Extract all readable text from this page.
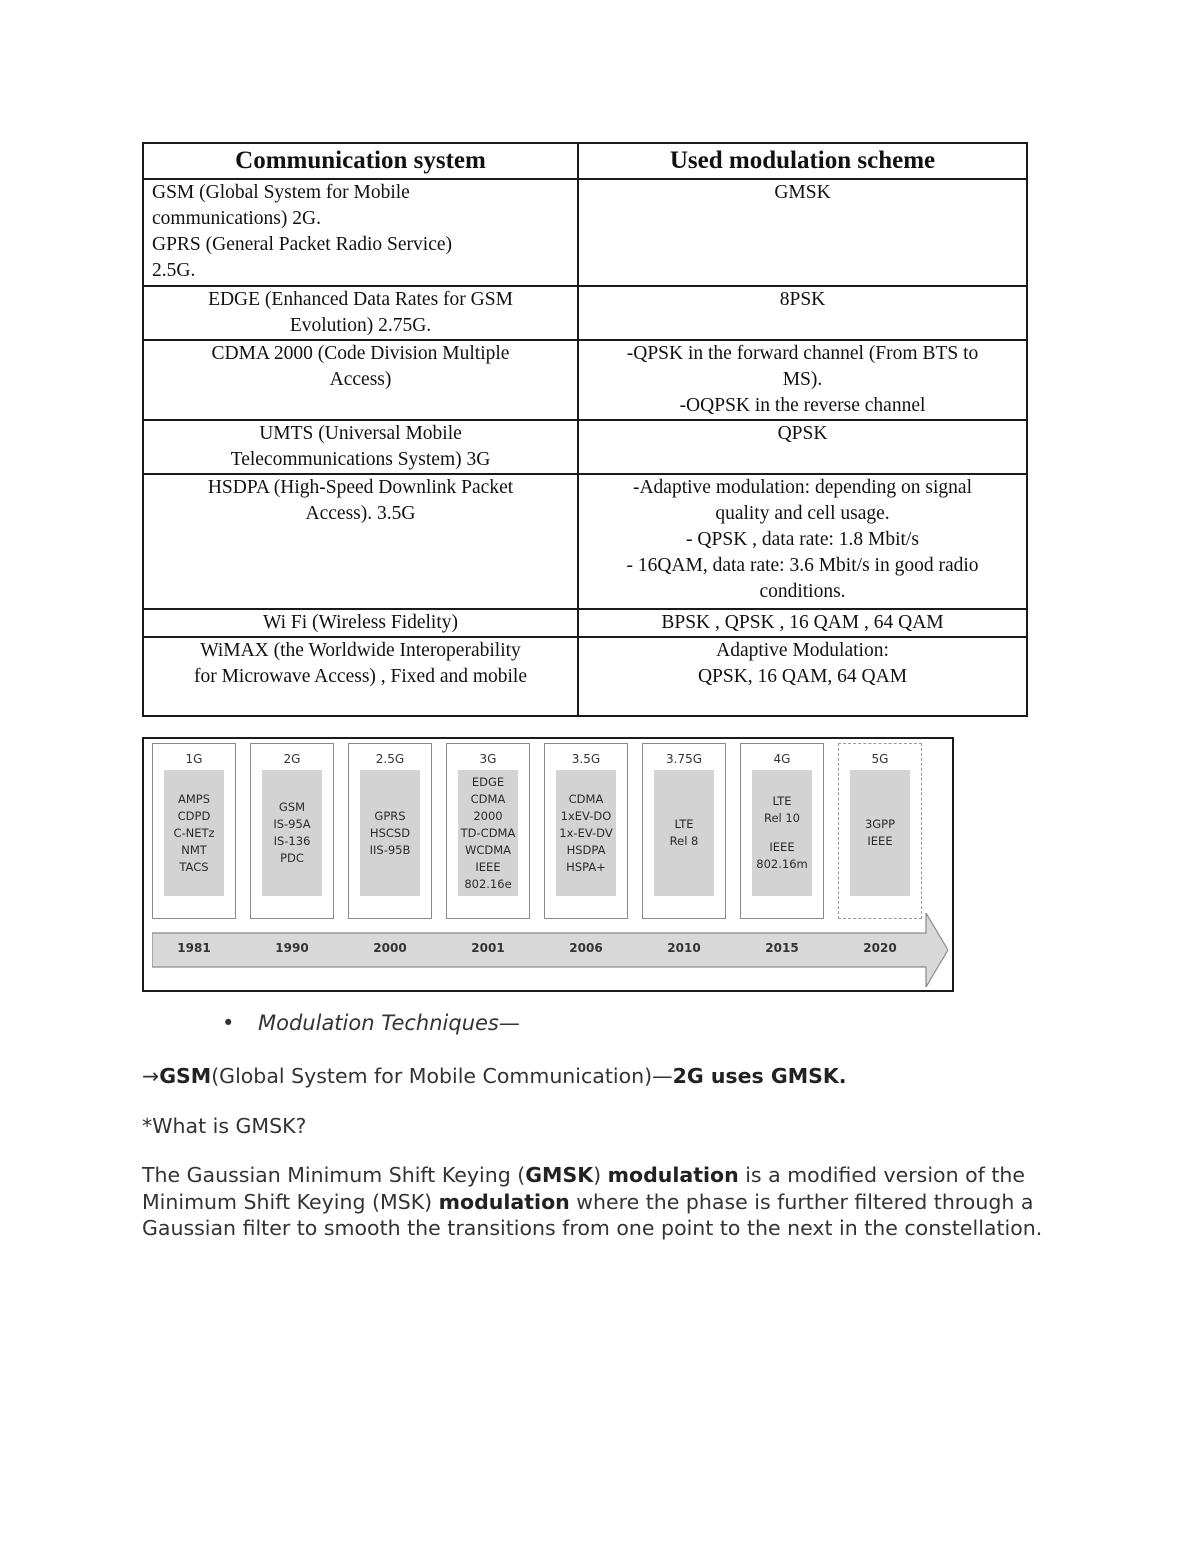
Communication system	Used modulation scheme

GSM (Global System for Mobile
communications) 2G.
GPRS (General Packet Radio Service)
2.5G.	GMSK

EDGE (Enhanced Data Rates for GSM
Evolution) 2.75G.	8PSK

CDMA 2000 (Code Division Multiple
Access)	-QPSK in the forward channel (From BTS to
MS).
-OQPSK in the reverse channel

UMTS (Universal Mobile
Telecommunications System) 3G	QPSK

HSDPA (High-Speed Downlink Packet
Access). 3.5G	-Adaptive modulation: depending on signal
quality and cell usage.
- QPSK , data rate: 1.8 Mbit/s
- 16QAM, data rate: 3.6 Mbit/s in good radio
conditions.

Wi Fi (Wireless Fidelity)	BPSK , QPSK , 16 QAM , 64 QAM

WiMAX (the Worldwide Interoperability
for Microwave Access) , Fixed and mobile	Adaptive Modulation:
QPSK, 16 QAM, 64 QAM
1G
AMPS
CDPD
C-NETz
NMT
TACS
1981
2G
GSM
IS-95A
IS-136
PDC
1990
2.5G
GPRS
HSCSD
IIS-95B
2000
3G
EDGE
CDMA
2000
TD-CDMA
WCDMA
IEEE
802.16e
2001
3.5G
CDMA
1xEV-DO
1x-EV-DV
HSDPA
HSPA+
2006
3.75G
LTE
Rel 8
2010
4G
LTE
Rel 10
IEEE
802.16m
2015
5G
3GPP
IEEE
2020
• Modulation Techniques—
→GSM(Global System for Mobile Communication)—2G uses GMSK.
*What is GMSK?
The Gaussian Minimum Shift Keying (GMSK) modulation is a modified version of the Minimum Shift Keying (MSK) modulation where the phase is further filtered through a Gaussian filter to smooth the transitions from one point to the next in the constellation.
